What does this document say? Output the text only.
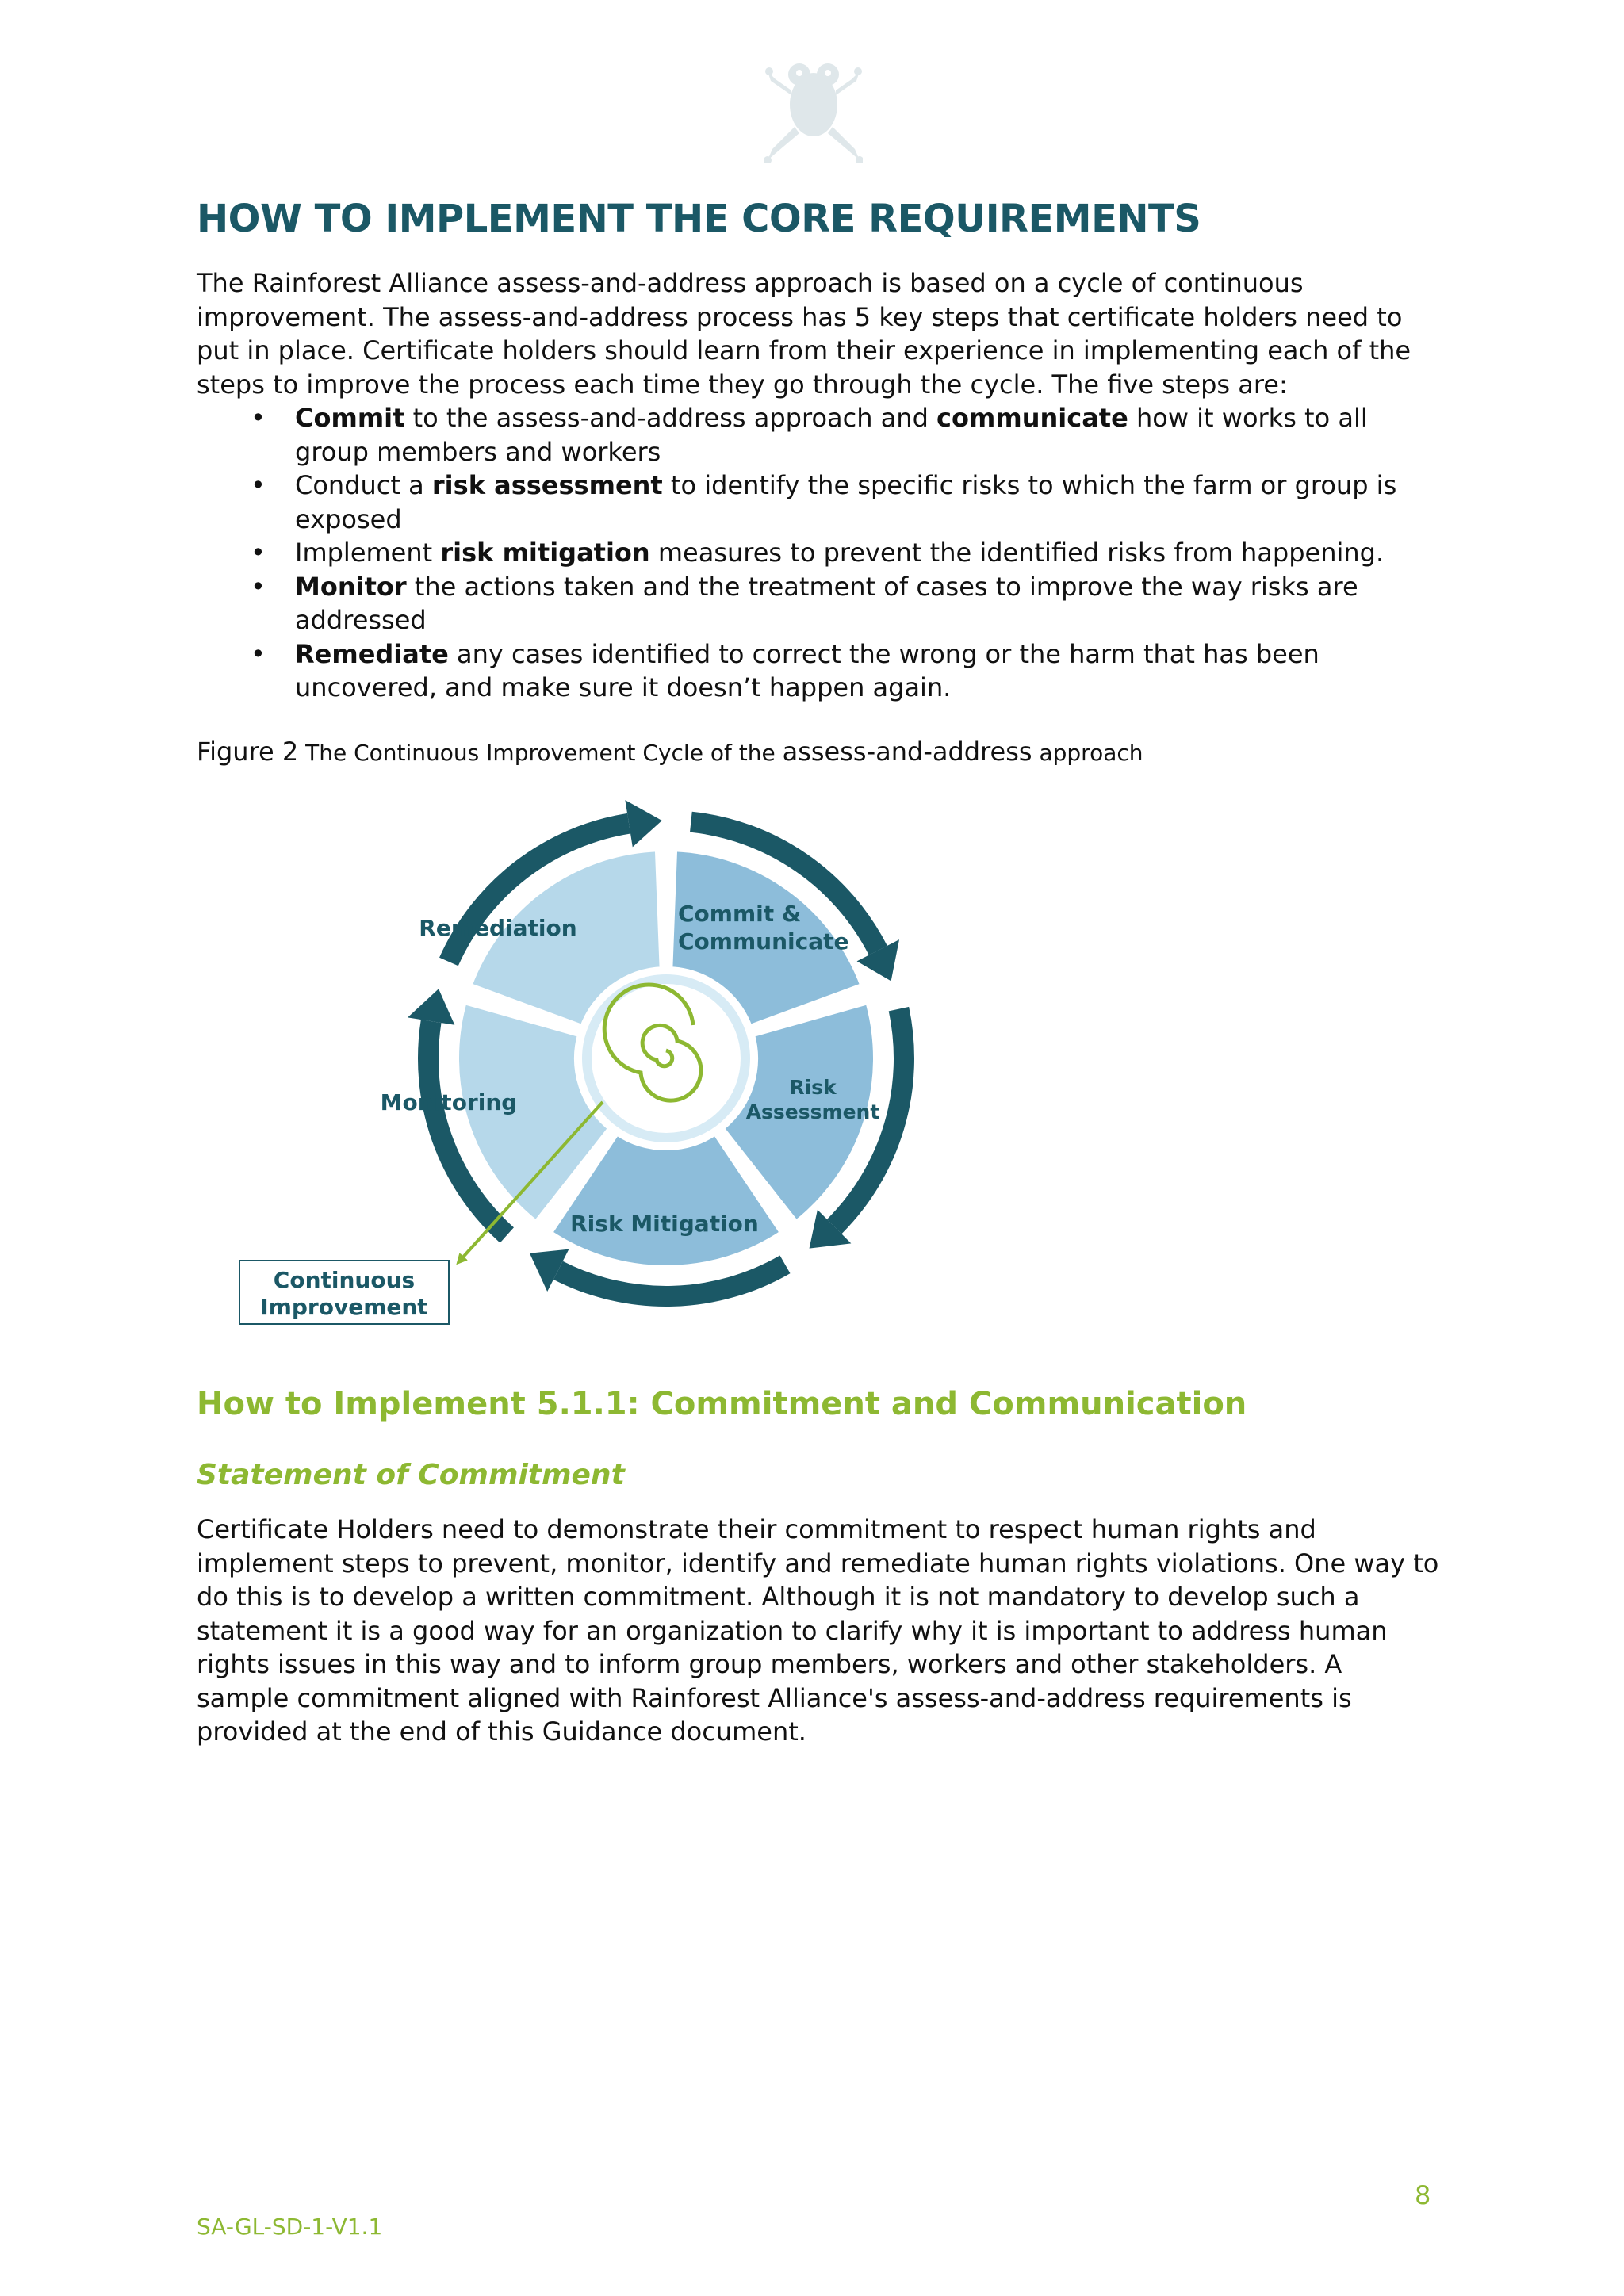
HOW TO IMPLEMENT THE CORE REQUIREMENTS

The Rainforest Alliance assess-and-address approach is based on a cycle of continuous improvement. The assess-and-address process has 5 key steps that certificate holders need to put in place. Certificate holders should learn from their experience in implementing each of the steps to improve the process each time they go through the cycle. The five steps are:

• Commit to the assess-and-address approach and communicate how it works to all group members and workers
• Conduct a risk assessment to identify the specific risks to which the farm or group is exposed
• Implement risk mitigation measures to prevent the identified risks from happening.
• Monitor the actions taken and the treatment of cases to improve the way risks are addressed
• Remediate any cases identified to correct the wrong or the harm that has been uncovered, and make sure it doesn’t happen again.

Figure 2 The Continuous Improvement Cycle of the assess-and-address approach

Remediation
Commit &
Communicate
Risk
Assessment
Risk Mitigation
Monitoring
Continuous
Improvement
How to Implement 5.1.1: Commitment and Communication
Statement of Commitment

Certificate Holders need to demonstrate their commitment to respect human rights and implement steps to prevent, monitor, identify and remediate human rights violations. One way to do this is to develop a written commitment. Although it is not mandatory to develop such a statement it is a good way for an organization to clarify why it is important to address human rights issues in this way and to inform group members, workers and other stakeholders. A sample commitment aligned with Rainforest Alliance's assess-and-address requirements is provided at the end of this Guidance document.

8
SA-GL-SD-1-V1.1
